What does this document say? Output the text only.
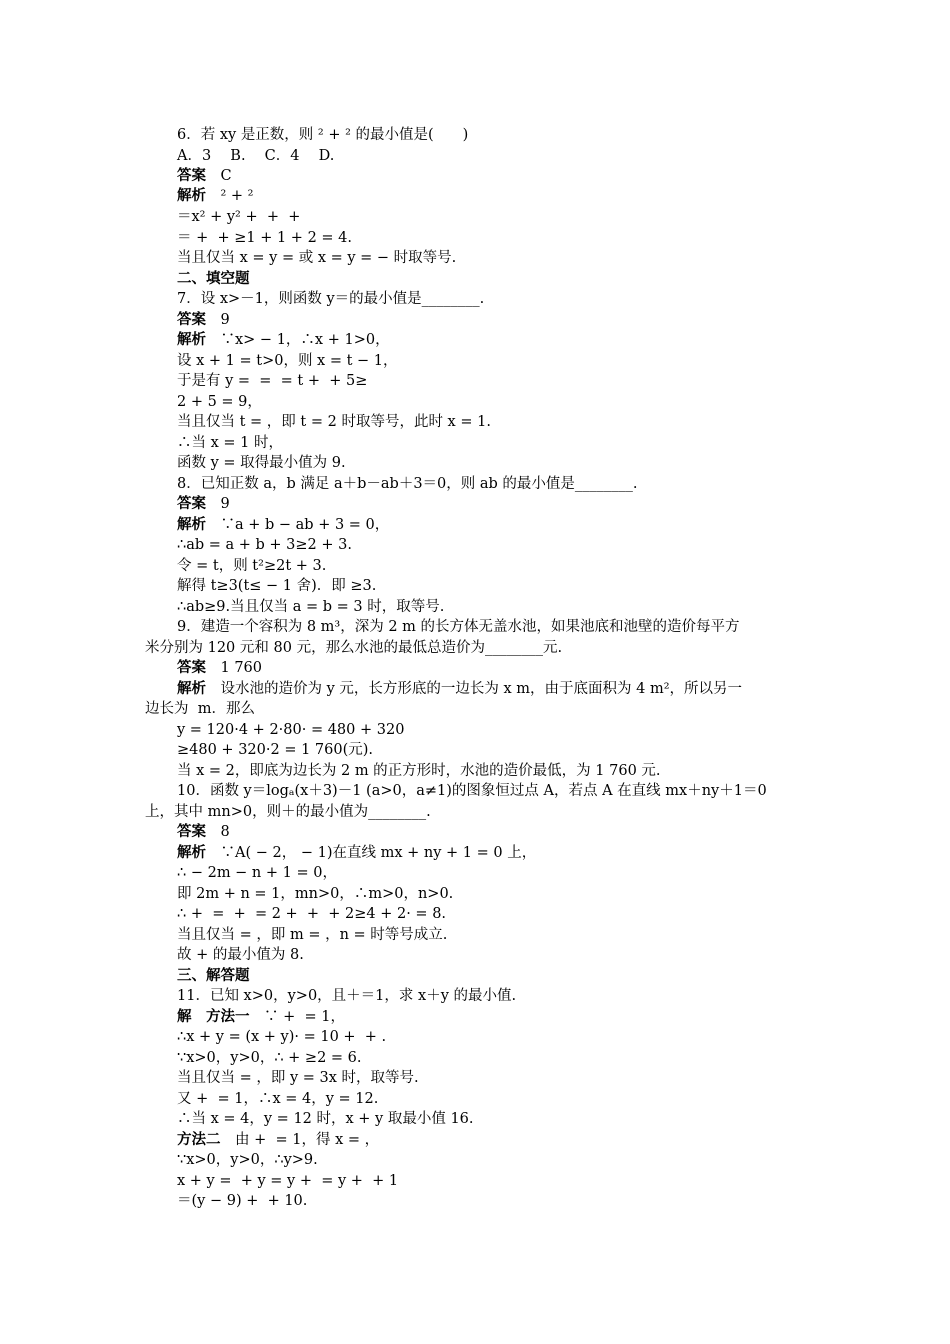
6．若 xy 是正数，则 ² + ² 的最小值是(　　)
A．3　 B.　 C．4　 D.
答案　C
解析　² + ²
＝x² + y² +  +  +
＝ +  + ≥1 + 1 + 2 = 4.
当且仅当 x = y = 或 x = y = − 时取等号.
二、填空题
7．设 x>－1，则函数 y＝的最小值是________.
答案　9
解析　∵x> − 1，∴x + 1>0，
设 x + 1 = t>0，则 x = t − 1，
于是有 y =  =  = t +  + 5≥
2 + 5 = 9，
当且仅当 t = ，即 t = 2 时取等号，此时 x = 1.
∴当 x = 1 时，
函数 y = 取得最小值为 9.
8．已知正数 a，b 满足 a＋b－ab＋3＝0，则 ab 的最小值是________.
答案　9
解析　∵a + b − ab + 3 = 0，
∴ab = a + b + 3≥2 + 3.
令 = t，则 t²≥2t + 3.
解得 t≥3(t≤ − 1 舍)．即 ≥3.
∴ab≥9.当且仅当 a = b = 3 时，取等号.
9．建造一个容积为 8 m³，深为 2 m 的长方体无盖水池，如果池底和池壁的造价每平方
米分别为 120 元和 80 元，那么水池的最低总造价为________元.
答案　1 760
解析　设水池的造价为 y 元，长方形底的一边长为 x m，由于底面积为 4 m²，所以另一
边长为  m．那么
y = 120·4 + 2·80· = 480 + 320
≥480 + 320·2 = 1 760(元).
当 x = 2，即底为边长为 2 m 的正方形时，水池的造价最低，为 1 760 元.
10．函数 y＝logₐ(x＋3)－1 (a>0，a≠1)的图象恒过点 A，若点 A 在直线 mx＋ny＋1＝0
上，其中 mn>0，则＋的最小值为________.
答案　8
解析　∵A( − 2， − 1)在直线 mx + ny + 1 = 0 上，
∴ − 2m − n + 1 = 0，
即 2m + n = 1，mn>0，∴m>0，n>0.
∴ +  =  +  = 2 +  +  + 2≥4 + 2· = 8.
当且仅当 = ，即 m = ，n = 时等号成立.
故 + 的最小值为 8.
三、解答题
11．已知 x>0，y>0，且＋＝1，求 x＋y 的最小值.
解　方法一　∵ +  = 1，
∴x + y = (x + y)· = 10 +  + .
∵x>0，y>0，∴ + ≥2 = 6.
当且仅当 = ，即 y = 3x 时，取等号.
又 +  = 1，∴x = 4，y = 12.
∴当 x = 4，y = 12 时，x + y 取最小值 16.
方法二　由 +  = 1，得 x = ，
∵x>0，y>0，∴y>9.
x + y =  + y = y +  = y +  + 1
＝(y − 9) +  + 10.
